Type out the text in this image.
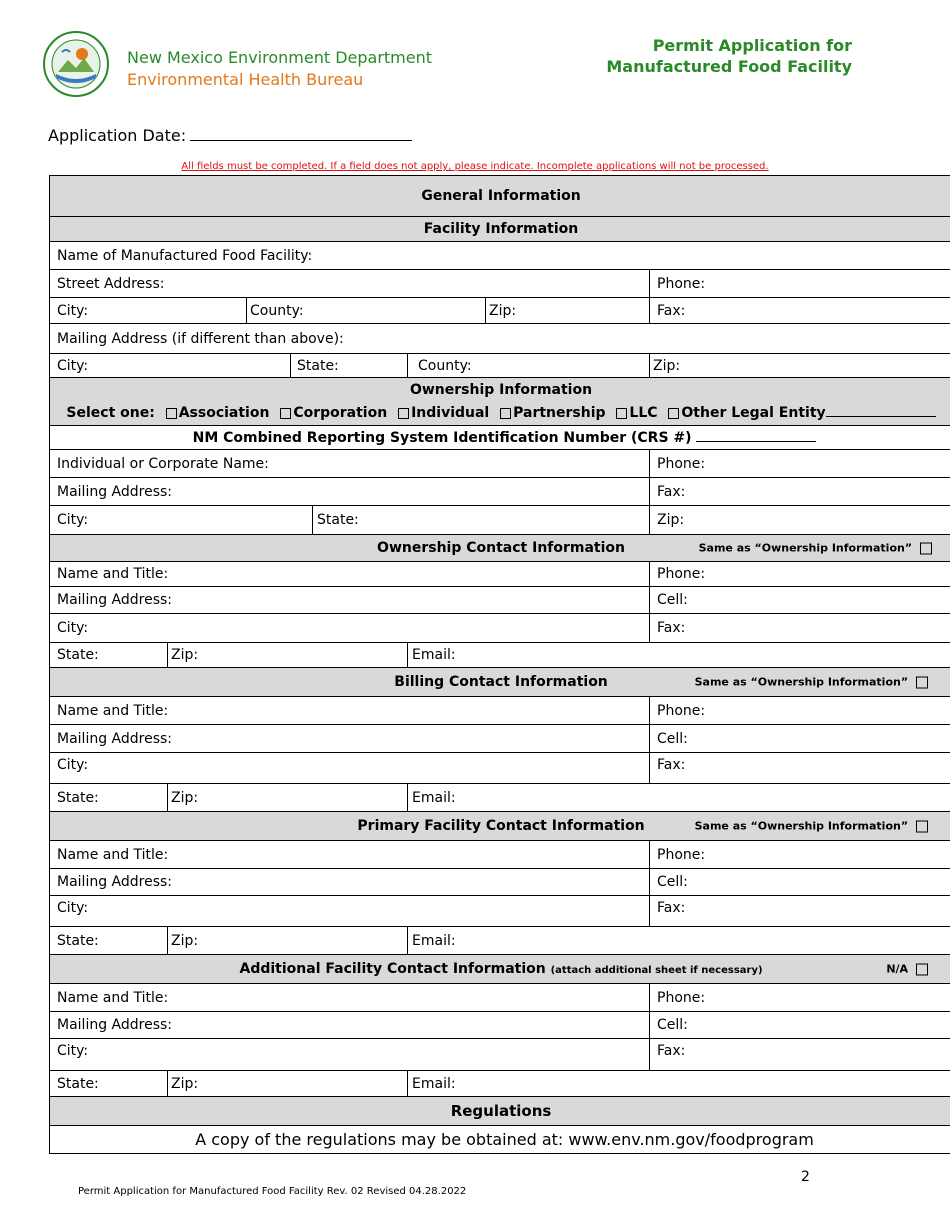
New Mexico Environment Department
Environmental Health Bureau
Permit Application for
Manufactured Food Facility
Application Date:
All fields must be completed. If a field does not apply, please indicate. Incomplete applications will not be processed.
General Information							
Facility Information							
Name of Manufactured Food Facility:							
Street Address:							Phone:
City:		County:				Zip:	Fax:
Mailing Address (if different than above):							
City:			State:		County:		Zip:
Ownership Information							
Select one: Association Corporation Individual Partnership LLC Other Legal Entity							
NM Combined Reporting System Identification Number (CRS #)							
Individual or Corporate Name:							Phone:
Mailing Address:							Fax:
City:				State:			Zip:
Ownership Contact Information Same as “Ownership Information”							

Name and Title:							Phone:
Mailing Address:							Cell:
City:							Fax:
State:	Zip:				Email:		
Billing Contact Information Same as “Ownership Information”							

Name and Title:							Phone:
Mailing Address:							Cell:
City:							Fax:
State:	Zip:				Email:		
Primary Facility Contact Information Same as “Ownership Information”							

Name and Title:							Phone:
Mailing Address:							Cell:
City:							Fax:
State:	Zip:				Email:		
Additional Facility Contact Information (attach additional sheet if necessary) N/A							

Name and Title:							Phone:
Mailing Address:							Cell:
City:							Fax:
State:	Zip:				Email:		
Regulations							
A copy of the regulations may be obtained at: www.env.nm.gov/foodprogram							
2
Permit Application for Manufactured Food Facility Rev. 02 Revised 04.28.2022
